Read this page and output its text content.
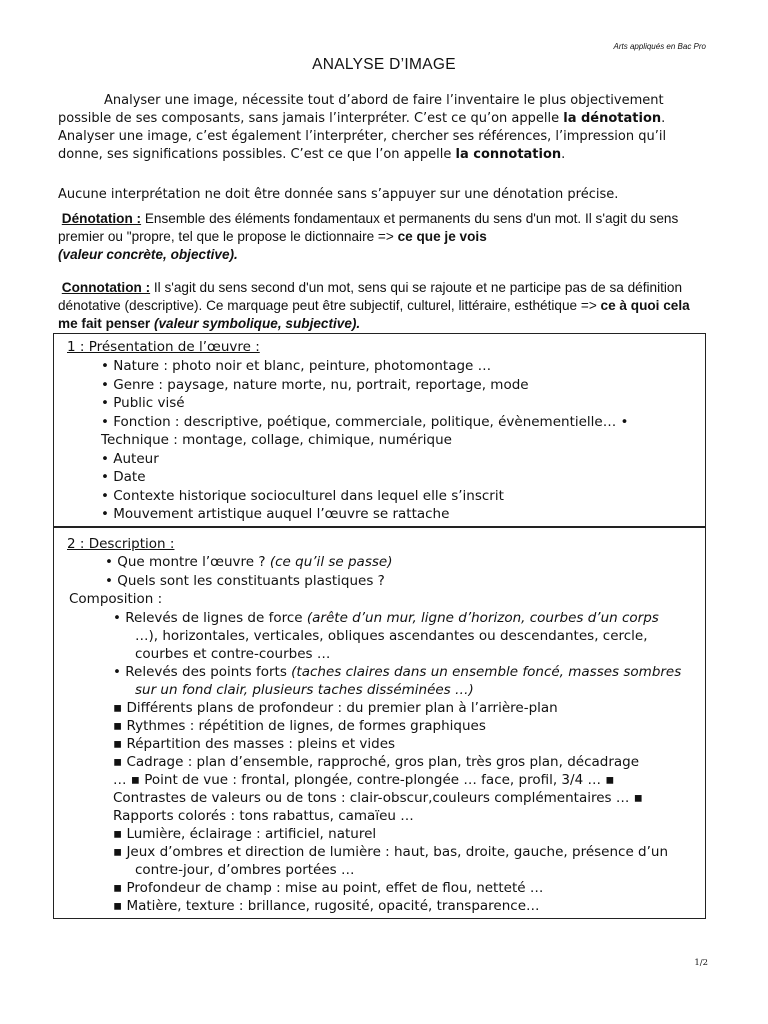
Arts appliqués en Bac Pro
ANALYSE D’IMAGE
Analyser une image, nécessite tout d’abord de faire l’inventaire le plus objectivement possible de ses composants, sans jamais l’interpréter. C’est ce qu’on appelle la dénotation. Analyser une image, c’est également l’interpréter, chercher ses références, l’impression qu’il donne, ses significations possibles. C’est ce que l’on appelle la connotation.
Aucune interprétation ne doit être donnée sans s’appuyer sur une dénotation précise.
Dénotation : Ensemble des éléments fondamentaux et permanents du sens d'un mot. Il s'agit du sens premier ou "propre, tel que le propose le dictionnaire => ce que je vois
(valeur concrète, objective).
Connotation : Il s'agit du sens second d'un mot, sens qui se rajoute et ne participe pas de sa définition dénotative (descriptive). Ce marquage peut être subjectif, culturel, littéraire, esthétique => ce à quoi cela me fait penser (valeur symbolique, subjective).
1 : Présentation de l’œuvre :
• Nature : photo noir et blanc, peinture, photomontage …
• Genre : paysage, nature morte, nu, portrait, reportage, mode
• Public visé
• Fonction : descriptive, poétique, commerciale, politique, évènementielle… •
Technique : montage, collage, chimique, numérique
• Auteur
• Date
• Contexte historique socioculturel dans lequel elle s’inscrit
• Mouvement artistique auquel l’œuvre se rattache
2 : Description :
• Que montre l’œuvre ? (ce qu’il se passe)
• Quels sont les constituants plastiques ?
Composition :
• Relevés de lignes de force (arête d’un mur, ligne d’horizon, courbes d’un corps
…), horizontales, verticales, obliques ascendantes ou descendantes, cercle,
courbes et contre-courbes …
• Relevés des points forts (taches claires dans un ensemble foncé, masses sombres
sur un fond clair, plusieurs taches disséminées …)
▪ Différents plans de profondeur : du premier plan à l’arrière-plan
▪ Rythmes : répétition de lignes, de formes graphiques
▪ Répartition des masses : pleins et vides
▪ Cadrage : plan d’ensemble, rapproché, gros plan, très gros plan, décadrage
… ▪ Point de vue : frontal, plongée, contre-plongée … face, profil, 3/4 … ▪
Contrastes de valeurs ou de tons : clair-obscur,couleurs complémentaires … ▪
Rapports colorés : tons rabattus, camaïeu …
▪ Lumière, éclairage : artificiel, naturel
▪ Jeux d’ombres et direction de lumière : haut, bas, droite, gauche, présence d’un
contre-jour, d’ombres portées …
▪ Profondeur de champ : mise au point, effet de flou, netteté …
▪ Matière, texture : brillance, rugosité, opacité, transparence…
1/2
